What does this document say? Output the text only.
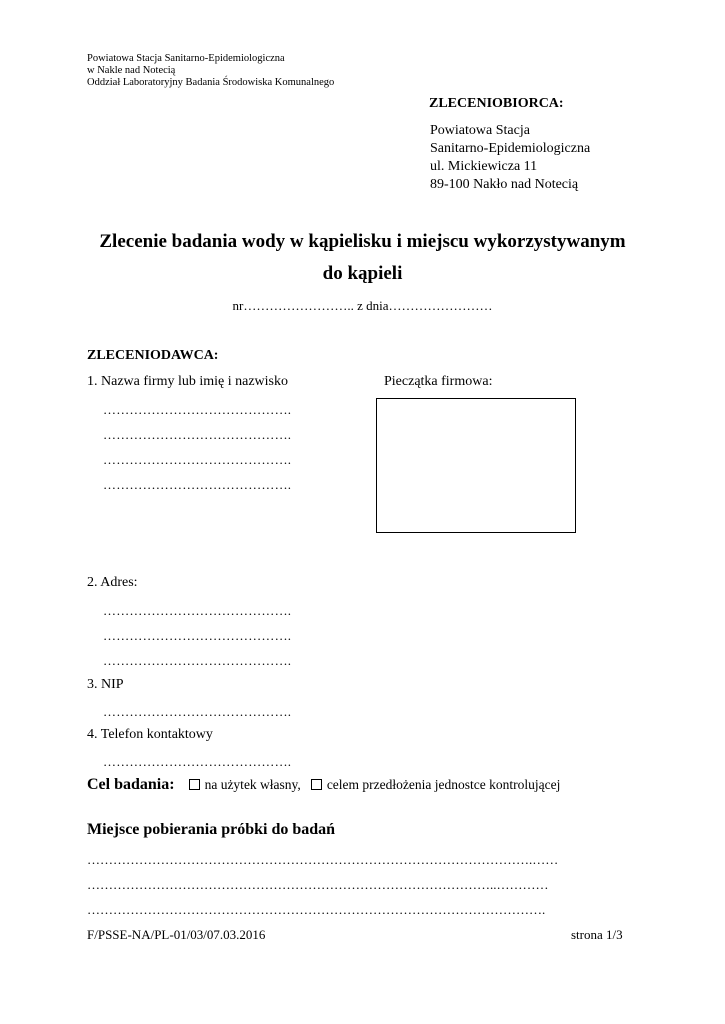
Powiatowa Stacja Sanitarno-Epidemiologiczna
w Nakle nad Notecią
Oddział Laboratoryjny Badania Środowiska Komunalnego
ZLECENIOBIORCA:
Powiatowa Stacja
Sanitarno-Epidemiologiczna
ul. Mickiewicza 11
89-100 Nakło nad Notecią
Zlecenie badania wody w kąpielisku i miejscu wykorzystywanym
do kąpieli
nr…………………….. z dnia……………………
ZLECENIODAWCA:
1. Nazwa firmy lub imię i nazwisko	Pieczątka firmowa:
…………………………………….
…………………………………….
…………………………………….
…………………………………….
2. Adres:
…………………………………….
…………………………………….
…………………………………….
3. NIP
…………………………………….
4. Telefon kontaktowy
…………………………………….
Cel badania: na użytek własny, celem przedłożenia jednostce kontrolującej
Miejsce pobierania próbki do badań
………………………………………………………………………………………….……
…………………………………………………………………………………..…………
…………………………………………………………………………………………….
F/PSSE-NA/PL-01/03/07.03.2016	strona 1/3
